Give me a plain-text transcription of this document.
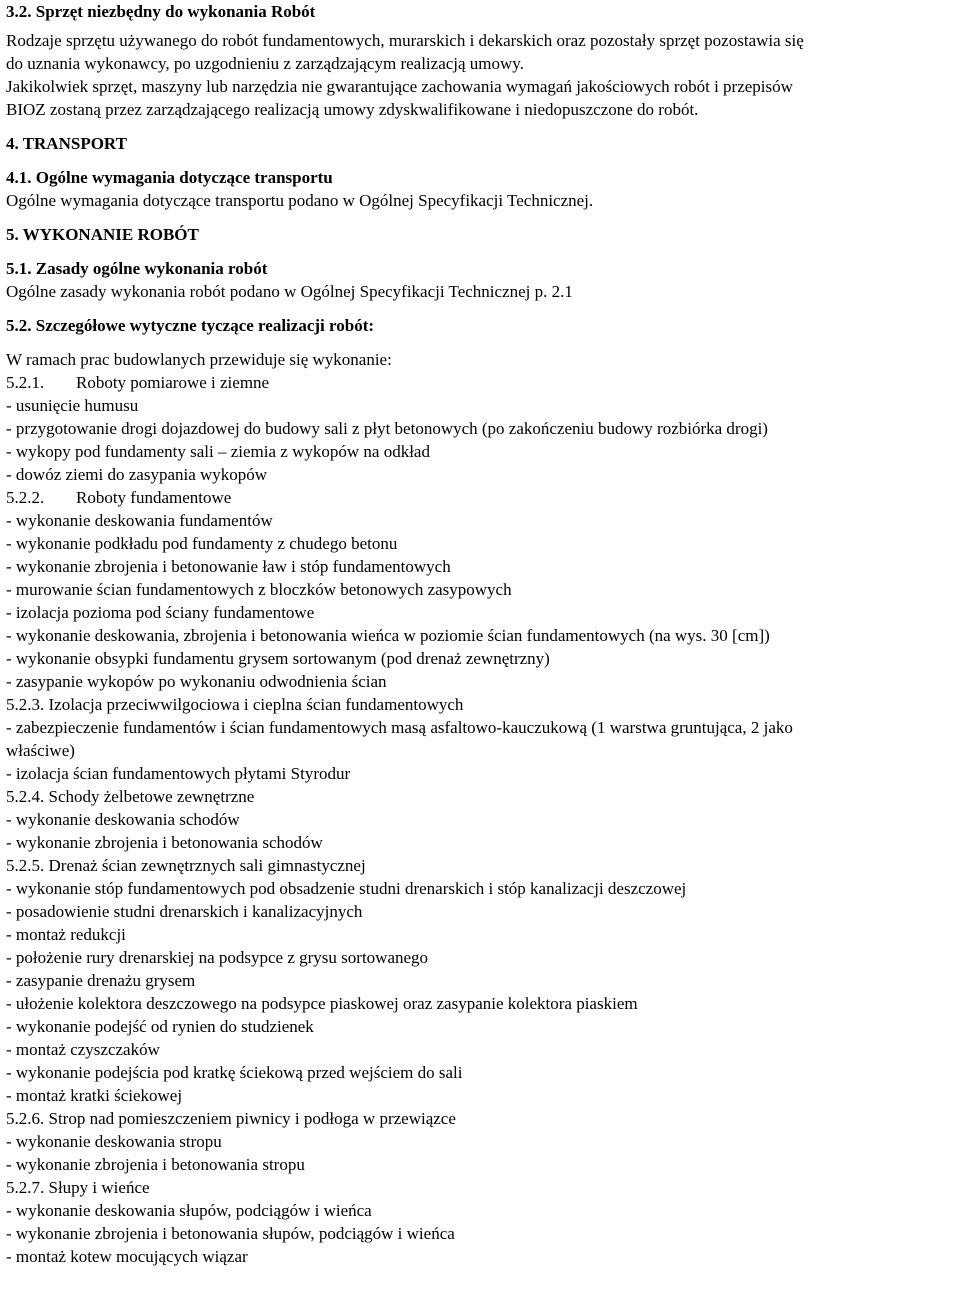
3.2. Sprzęt niezbędny do wykonania Robót
Rodzaje sprzętu używanego do robót fundamentowych, murarskich i dekarskich oraz pozostały sprzęt pozostawia się
do uznania wykonawcy, po uzgodnieniu z zarządzającym realizacją umowy.
Jakikolwiek sprzęt, maszyny lub narzędzia nie gwarantujące zachowania wymagań jakościowych robót i przepisów
BIOZ zostaną przez zarządzającego realizacją umowy zdyskwalifikowane i niedopuszczone do robót.
4. TRANSPORT
4.1. Ogólne wymagania dotyczące transportu
Ogólne wymagania dotyczące transportu podano w Ogólnej Specyfikacji Technicznej.
5. WYKONANIE ROBÓT
5.1. Zasady ogólne wykonania robót
Ogólne zasady wykonania robót podano w Ogólnej Specyfikacji Technicznej p. 2.1
5.2. Szczegółowe wytyczne tyczące realizacji robót:
W ramach prac budowlanych przewiduje się wykonanie:
5.2.1. Roboty pomiarowe i ziemne
- usunięcie humusu
- przygotowanie drogi dojazdowej do budowy sali z płyt betonowych (po zakończeniu budowy rozbiórka drogi)
- wykopy pod fundamenty sali – ziemia z wykopów na odkład
- dowóz ziemi do zasypania wykopów
5.2.2. Roboty fundamentowe
- wykonanie deskowania fundamentów
- wykonanie podkładu pod fundamenty z chudego betonu
- wykonanie zbrojenia i betonowanie ław i stóp fundamentowych
- murowanie ścian fundamentowych z bloczków betonowych zasypowych
- izolacja pozioma pod ściany fundamentowe
- wykonanie deskowania, zbrojenia i betonowania wieńca w poziomie ścian fundamentowych (na wys. 30 [cm])
- wykonanie obsypki fundamentu grysem sortowanym (pod drenaż zewnętrzny)
- zasypanie wykopów po wykonaniu odwodnienia ścian
5.2.3. Izolacja przeciwwilgociowa i cieplna ścian fundamentowych
- zabezpieczenie fundamentów i ścian fundamentowych masą asfaltowo-kauczukową (1 warstwa gruntująca, 2 jako
właściwe)
- izolacja ścian fundamentowych płytami Styrodur
5.2.4. Schody żelbetowe zewnętrzne
- wykonanie deskowania schodów
- wykonanie zbrojenia i betonowania schodów
5.2.5. Drenaż ścian zewnętrznych sali gimnastycznej
- wykonanie stóp fundamentowych pod obsadzenie studni drenarskich i stóp kanalizacji deszczowej
- posadowienie studni drenarskich i kanalizacyjnych
- montaż redukcji
- położenie rury drenarskiej na podsypce z grysu sortowanego
- zasypanie drenażu grysem
- ułożenie kolektora deszczowego na podsypce piaskowej oraz zasypanie kolektora piaskiem
- wykonanie podejść od rynien do studzienek
- montaż czyszczaków
- wykonanie podejścia pod kratkę ściekową przed wejściem do sali
- montaż kratki ściekowej
5.2.6. Strop nad pomieszczeniem piwnicy i podłoga w przewiązce
- wykonanie deskowania stropu
- wykonanie zbrojenia i betonowania stropu
5.2.7. Słupy i wieńce
- wykonanie deskowania słupów, podciągów i wieńca
- wykonanie zbrojenia i betonowania słupów, podciągów i wieńca
- montaż kotew mocujących wiązar
